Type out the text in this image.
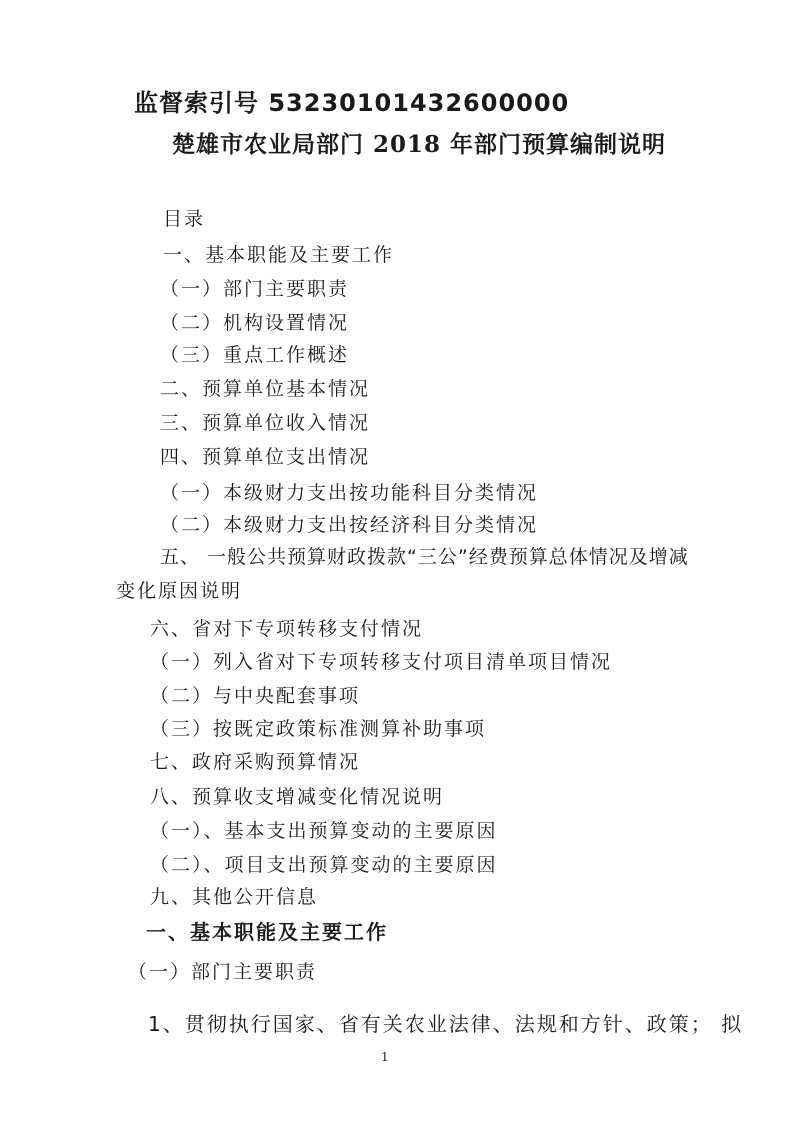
监督索引号 53230101432600000
楚雄市农业局部门 2018 年部门预算编制说明
目录
一、基本职能及主要工作
（一）部门主要职责
（二）机构设置情况
（三）重点工作概述
二、预算单位基本情况
三、预算单位收入情况
四、预算单位支出情况
（一）本级财力支出按功能科目分类情况
（二）本级财力支出按经济科目分类情况
五、 一般公共预算财政拨款“三公”经费预算总体情况及增减
变化原因说明
六、省对下专项转移支付情况
（一）列入省对下专项转移支付项目清单项目情况
（二）与中央配套事项
（三）按既定政策标准测算补助事项
七、政府采购预算情况
八、预算收支增减变化情况说明
（一）、基本支出预算变动的主要原因
（二）、项目支出预算变动的主要原因
九、其他公开信息
一、基本职能及主要工作
（一）部门主要职责
1、贯彻执行国家、省有关农业法律、法规和方针、政策； 拟
1
